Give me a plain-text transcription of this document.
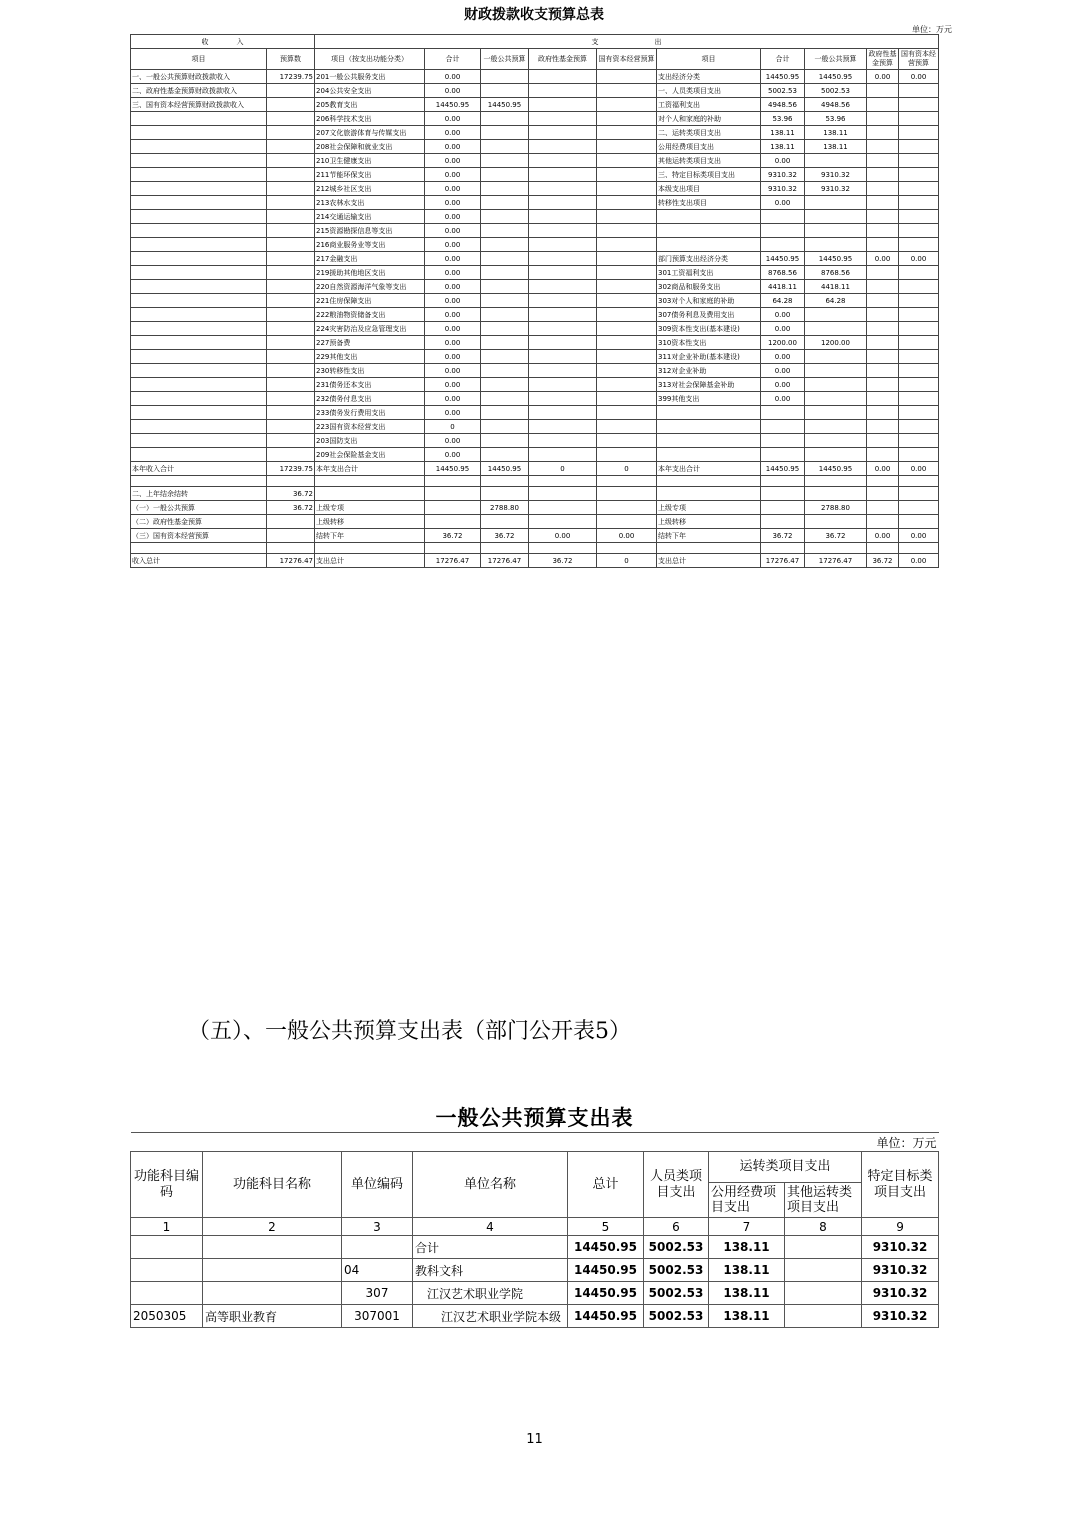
财政拨款收支预算总表
单位：万元
收　　　　入		支　　　　　　　　出									
项目	预算数	项目（按支出功能分类）	合计	一般公共预算	政府性基金预算	国有资本经营预算	项目	合计	一般公共预算	政府性基金预算	国有资本经营预算
一、一般公共预算财政拨款收入	17239.75	201一般公共服务支出	0.00				支出经济分类	14450.95	14450.95	0.00	0.00
二、政府性基金预算财政拨款收入		204公共安全支出	0.00				一、人员类项目支出	5002.53	5002.53		
三、国有资本经营预算财政拨款收入		205教育支出	14450.95	14450.95			工资福利支出	4948.56	4948.56		
		206科学技术支出	0.00				对个人和家庭的补助	53.96	53.96		
		207文化旅游体育与传媒支出	0.00				二、运转类项目支出	138.11	138.11		
		208社会保障和就业支出	0.00				公用经费项目支出	138.11	138.11		
		210卫生健康支出	0.00				其他运转类项目支出	0.00			
		211节能环保支出	0.00				三、特定目标类项目支出	9310.32	9310.32		
		212城乡社区支出	0.00				本级支出项目	9310.32	9310.32		
		213农林水支出	0.00				转移性支出项目	0.00			
		214交通运输支出	0.00								
		215资源勘探信息等支出	0.00								
		216商业服务业等支出	0.00								
		217金融支出	0.00				部门预算支出经济分类	14450.95	14450.95	0.00	0.00
		219援助其他地区支出	0.00				301工资福利支出	8768.56	8768.56		
		220自然资源海洋气象等支出	0.00				302商品和服务支出	4418.11	4418.11		
		221住房保障支出	0.00				303对个人和家庭的补助	64.28	64.28		
		222粮油物资储备支出	0.00				307债务利息及费用支出	0.00			
		224灾害防治及应急管理支出	0.00				309资本性支出(基本建设)	0.00			
		227预备费	0.00				310资本性支出	1200.00	1200.00		
		229其他支出	0.00				311对企业补助(基本建设)	0.00			
		230转移性支出	0.00				312对企业补助	0.00			
		231债务还本支出	0.00				313对社会保障基金补助	0.00			
		232债务付息支出	0.00				399其他支出	0.00			
		233债务发行费用支出	0.00								
		223国有资本经营支出	0								
		203国防支出	0.00								
		209社会保险基金支出	0.00								
本年收入合计	17239.75	本年支出合计	14450.95	14450.95	0	0	本年支出合计	14450.95	14450.95	0.00	0.00

二、上年结余结转	36.72										
（一）一般公共预算	36.72	上级专项		2788.80			上级专项		2788.80		
（二）政府性基金预算		上级转移					上级转移				
（三）国有资本经营预算		结转下年	36.72	36.72	0.00	0.00	结转下年	36.72	36.72	0.00	0.00

收入总计	17276.47	支出总计	17276.47	17276.47	36.72	0	支出总计	17276.47	17276.47	36.72	0.00
（五）、一般公共预算支出表（部门公开表5）
一般公共预算支出表								
单位：万元								
功能科目编码	功能科目名称	单位编码	单位名称	总计	人员类项目支出	运转类项目支出		特定目标类项目支出
						公用经费项目支出	其他运转类项目支出	
1	2	3	4	5	6	7	8	9
			合计	14450.95	5002.53	138.11		9310.32
		04	教科文科	14450.95	5002.53	138.11		9310.32
		307	江汉艺术职业学院	14450.95	5002.53	138.11		9310.32
2050305	高等职业教育	307001	江汉艺术职业学院本级	14450.95	5002.53	138.11		9310.32
11
